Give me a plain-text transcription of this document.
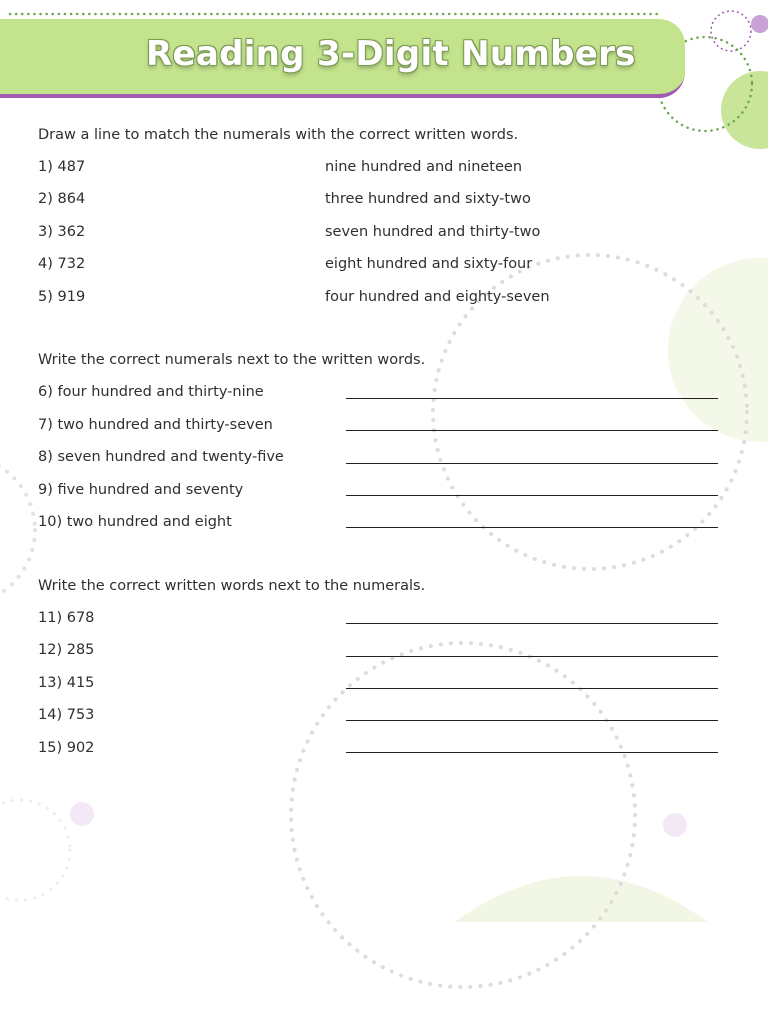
Reading 3-Digit Numbers
Draw a line to match the numerals with the correct written words.
1) 487
2) 864
3) 362
4) 732
5) 919
nine hundred and nineteen
three hundred and sixty-two
seven hundred and thirty-two
eight hundred and sixty-four
four hundred and eighty-seven
Write the correct numerals next to the written words.
6) four hundred and thirty-nine
7) two hundred and thirty-seven
8) seven hundred and twenty-five
9) five hundred and seventy
10) two hundred and eight
Write the correct written words next to the numerals.
11) 678
12) 285
13) 415
14) 753
15) 902
